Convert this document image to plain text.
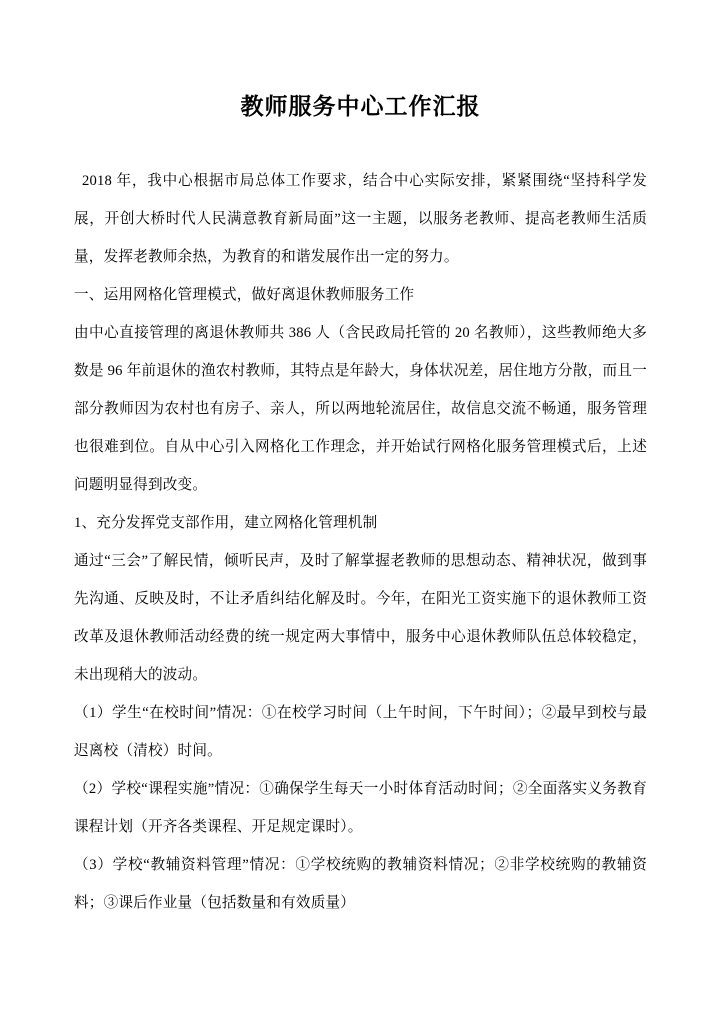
教师服务中心工作汇报

2018 年，我中心根据市局总体工作要求，结合中心实际安排，紧紧围绕“坚持科学发展，开创大桥时代人民满意教育新局面”这一主题，以服务老教师、提高老教师生活质量，发挥老教师余热，为教育的和谐发展作出一定的努力。

一、运用网格化管理模式，做好离退休教师服务工作

由中心直接管理的离退休教师共 386 人（含民政局托管的 20 名教师），这些教师绝大多数是 96 年前退休的渔农村教师，其特点是年龄大，身体状况差，居住地方分散，而且一部分教师因为农村也有房子、亲人，所以两地轮流居住，故信息交流不畅通，服务管理也很难到位。自从中心引入网格化工作理念，并开始试行网格化服务管理模式后，上述问题明显得到改变。

1、充分发挥党支部作用，建立网格化管理机制

通过“三会”了解民情，倾听民声，及时了解掌握老教师的思想动态、精神状况，做到事先沟通、反映及时，不让矛盾纠结化解及时。今年，在阳光工资实施下的退休教师工资改革及退休教师活动经费的统一规定两大事情中，服务中心退休教师队伍总体较稳定，未出现稍大的波动。

（1）学生“在校时间”情况：①在校学习时间（上午时间，下午时间）；②最早到校与最迟离校（清校）时间。

（2）学校“课程实施”情况：①确保学生每天一小时体育活动时间；②全面落实义务教育课程计划（开齐各类课程、开足规定课时）。

（3）学校“教辅资料管理”情况：①学校统购的教辅资料情况；②非学校统购的教辅资料；③课后作业量（包括数量和有效质量）
